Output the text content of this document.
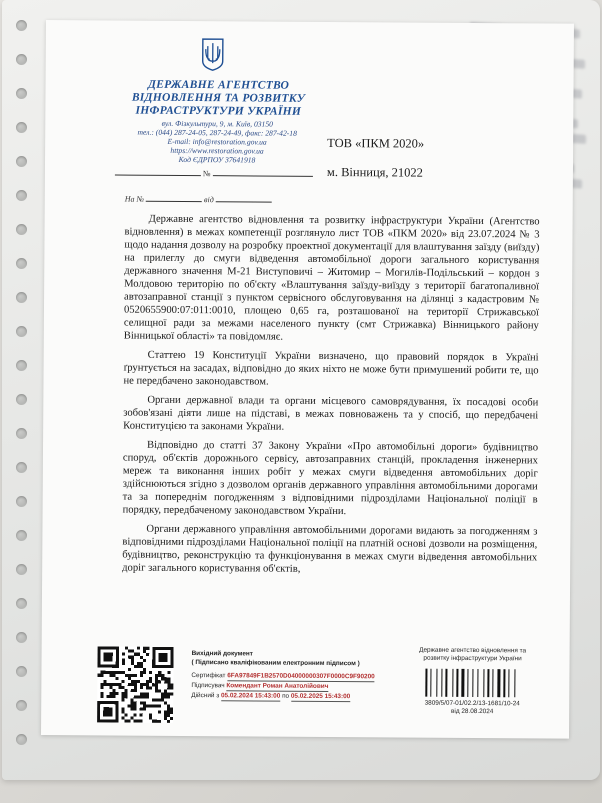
ДЕРЖАВНЕ АГЕНТСТВО
ВІДНОВЛЕННЯ ТА РОЗВИТКУ
ІНФРАСТРУКТУРИ УКРАЇНИ
вул. Фізкультури, 9, м. Київ, 03150
тел.: (044) 287-24-05, 287-24-49, факс: 287-42-18
E-mail: info@restoration.gov.ua
https://www.restoration.gov.ua
Код ЄДРПОУ 37641918
№
На №	від
ТОВ «ПКМ 2020»
м. Вінниця, 21022

Державне агентство відновлення та розвитку інфраструктури України (Агентство відновлення) в межах компетенції розглянуло лист ТОВ «ПКМ 2020» від 23.07.2024 № 3 щодо надання дозволу на розробку проектної документації для влаштування заїзду (виїзду) на прилеглу до смуги відведення автомобільної дороги загального користування державного значення М-21 Виступовичі – Житомир – Могилів-Подільський – кордон з Молдовою територію по об'єкту «Влаштування заїзду-виїзду з території багатопаливної автозаправної станції з пунктом сервісного обслуговування на ділянці з кадастровим № 0520655900:07:011:0010, площею 0,65 га, розташованої на території Стрижавської селищної ради за межами населеного пункту (смт Стрижавка) Вінницького району Вінницької області» та повідомляє.

Статтею 19 Конституції України визначено, що правовий порядок в Україні ґрунтується на засадах, відповідно до яких ніхто не може бути примушений робити те, що не передбачено законодавством.

Органи державної влади та органи місцевого самоврядування, їх посадові особи зобов'язані діяти лише на підставі, в межах повноважень та у спосіб, що передбачені Конституцією та законами України.

Відповідно до статті 37 Закону України «Про автомобільні дороги» будівництво споруд, об'єктів дорожнього сервісу, автозаправних станцій, прокладення інженерних мереж та виконання інших робіт у межах смуги відведення автомобільних доріг здійснюються згідно з дозволом органів державного управління автомобільними дорогами та за попереднім погодженням з відповідними підрозділами Національної поліції в порядку, передбаченому законодавством України.

Органи державного управління автомобільними дорогами видають за погодженням з відповідними підрозділами Національної поліції на платній основі дозволи на розміщення, будівництво, реконструкцію та функціонування в межах смуги відведення автомобільних доріг загального користування об'єктів,

Вихідний документ
( Підписано кваліфікованим електронним підписом )
Сертифікат 6FA97849F1B2570D04000000307F0000C9F90200
Підписувач Комендант Роман Анатолійович
Дійсний з 05.02.2024 15:43:00 по 05.02.2025 15:43:00
Державне агентство відновлення та
розвитку інфраструктури України
3809/5/07-01/02.2/13-1681/10-24
від 28.08.2024
